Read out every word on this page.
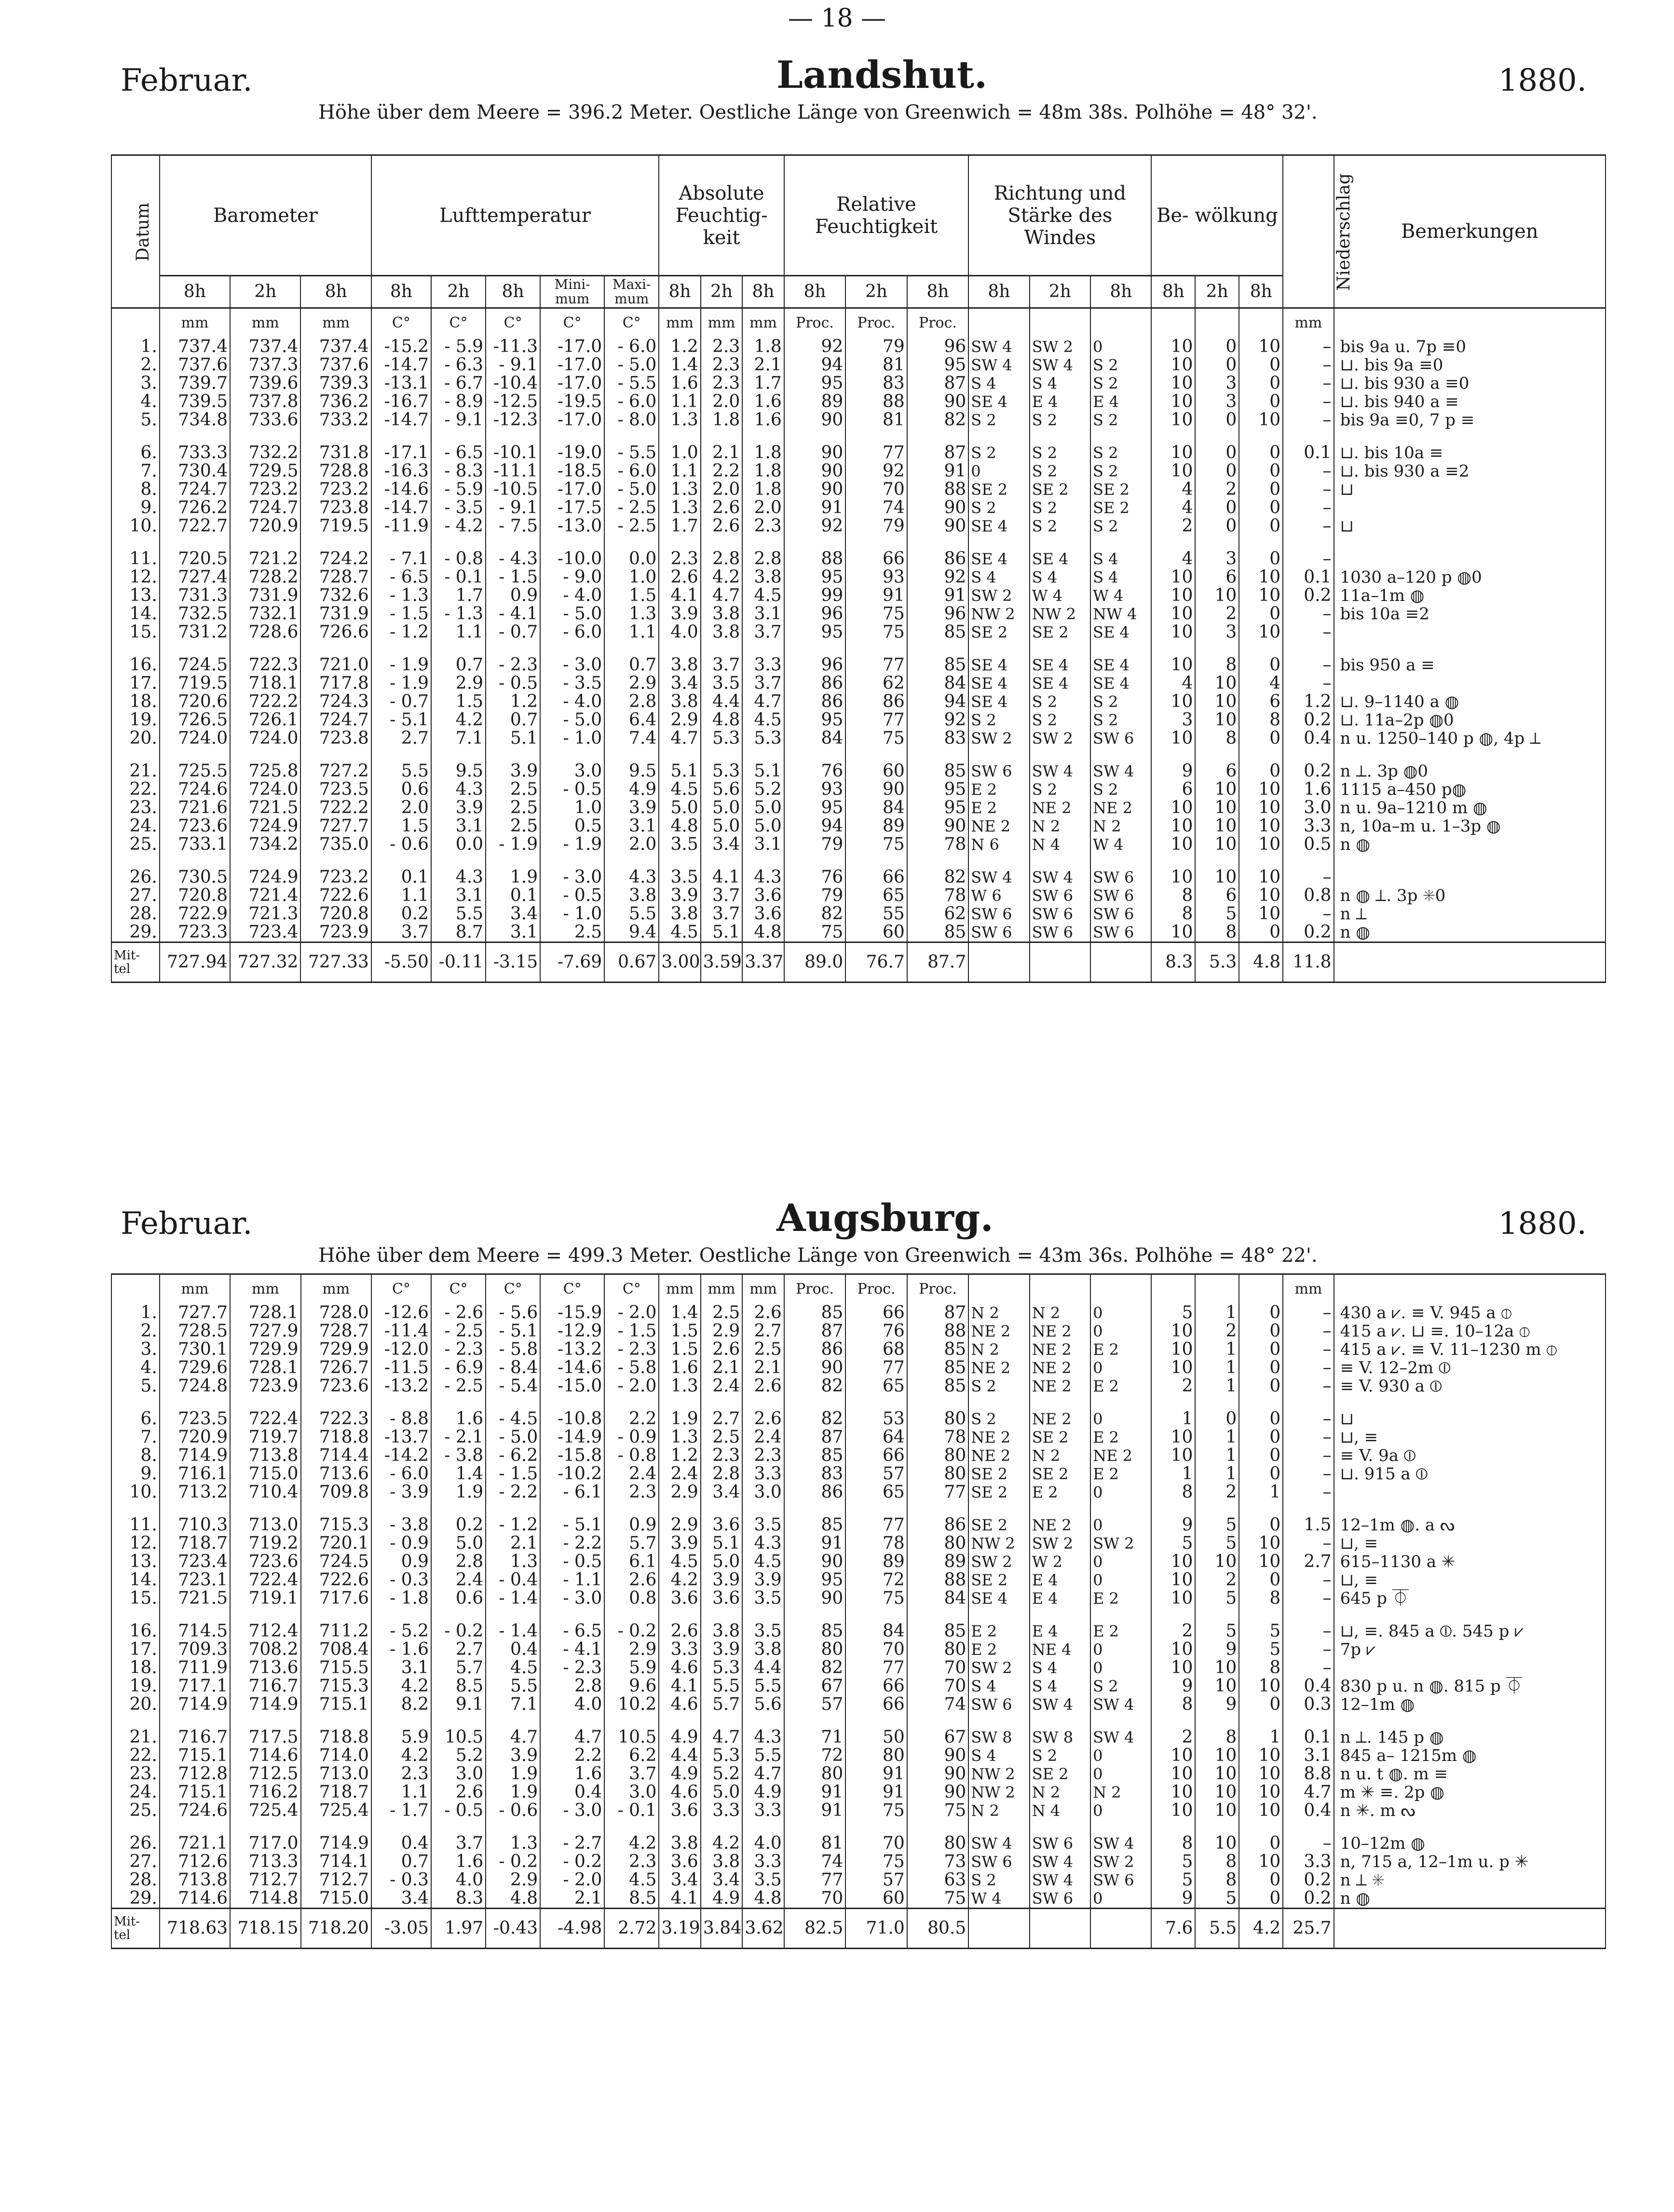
— 18 —
Februar.	Landshut.	1880.
Höhe über dem Meere = 396.2 Meter. Oestliche Länge von Greenwich = 48m 38s. Polhöhe = 48° 32'.
Datum	Barometer			Lufttemperatur					Absolute Feuchtig- keit			Relative Feuchtigkeit			Richtung und Stärke des Windes			Be- wölkung			Niederschlag	Bemerkungen
	8h	2h	8h	8h	2h	8h	Mini- mum	Maxi- mum	8h	2h	8h	8h	2h	8h	8h	2h	8h	8h	2h	8h		
	mm	mm	mm	C°	C°	C°	C°	C°	mm	mm	mm	Proc.	Proc.	Proc.							mm	
1.	737.4	737.4	737.4	-15.2	- 5.9	-11.3	-17.0	- 6.0	1.2	2.3	1.8	92	79	96	SW 4	SW 2	0	10	0	10	–	bis 9a u. 7p ≡0
2.	737.6	737.3	737.6	-14.7	- 6.3	- 9.1	-17.0	- 5.0	1.4	2.3	2.1	94	81	95	SW 4	SW 4	S 2	10	0	0	–	⊔. bis 9a ≡0
3.	739.7	739.6	739.3	-13.1	- 6.7	-10.4	-17.0	- 5.5	1.6	2.3	1.7	95	83	87	S 4	S 4	S 2	10	3	0	–	⊔. bis 930 a ≡0
4.	739.5	737.8	736.2	-16.7	- 8.9	-12.5	-19.5	- 6.0	1.1	2.0	1.6	89	88	90	SE 4	E 4	E 4	10	3	0	–	⊔. bis 940 a ≡
5.	734.8	733.6	733.2	-14.7	- 9.1	-12.3	-17.0	- 8.0	1.3	1.8	1.6	90	81	82	S 2	S 2	S 2	10	0	10	–	bis 9a ≡0, 7 p ≡

6.	733.3	732.2	731.8	-17.1	- 6.5	-10.1	-19.0	- 5.5	1.0	2.1	1.8	90	77	87	S 2	S 2	S 2	10	0	0	0.1	⊔. bis 10a ≡
7.	730.4	729.5	728.8	-16.3	- 8.3	-11.1	-18.5	- 6.0	1.1	2.2	1.8	90	92	91	0	S 2	S 2	10	0	0	–	⊔. bis 930 a ≡2
8.	724.7	723.2	723.2	-14.6	- 5.9	-10.5	-17.0	- 5.0	1.3	2.0	1.8	90	70	88	SE 2	SE 2	SE 2	4	2	0	–	⊔
9.	726.2	724.7	723.8	-14.7	- 3.5	- 9.1	-17.5	- 2.5	1.3	2.6	2.0	91	74	90	S 2	S 2	SE 2	4	0	0	–	
10.	722.7	720.9	719.5	-11.9	- 4.2	- 7.5	-13.0	- 2.5	1.7	2.6	2.3	92	79	90	SE 4	S 2	S 2	2	0	0	–	⊔

11.	720.5	721.2	724.2	- 7.1	- 0.8	- 4.3	-10.0	0.0	2.3	2.8	2.8	88	66	86	SE 4	SE 4	S 4	4	3	0	–	
12.	727.4	728.2	728.7	- 6.5	- 0.1	- 1.5	- 9.0	1.0	2.6	4.2	3.8	95	93	92	S 4	S 4	S 4	10	6	10	0.1	1030 a–120 p ◍0
13.	731.3	731.9	732.6	- 1.3	1.7	0.9	- 4.0	1.5	4.1	4.7	4.5	99	91	91	SW 2	W 4	W 4	10	10	10	0.2	11a–1m ◍
14.	732.5	732.1	731.9	- 1.5	- 1.3	- 4.1	- 5.0	1.3	3.9	3.8	3.1	96	75	96	NW 2	NW 2	NW 4	10	2	0	–	bis 10a ≡2
15.	731.2	728.6	726.6	- 1.2	1.1	- 0.7	- 6.0	1.1	4.0	3.8	3.7	95	75	85	SE 2	SE 2	SE 4	10	3	10	–	

16.	724.5	722.3	721.0	- 1.9	0.7	- 2.3	- 3.0	0.7	3.8	3.7	3.3	96	77	85	SE 4	SE 4	SE 4	10	8	0	–	bis 950 a ≡
17.	719.5	718.1	717.8	- 1.9	2.9	- 0.5	- 3.5	2.9	3.4	3.5	3.7	86	62	84	SE 4	SE 4	SE 4	4	10	4	–	
18.	720.6	722.2	724.3	- 0.7	1.5	1.2	- 4.0	2.8	3.8	4.4	4.7	86	86	94	SE 4	S 2	S 2	10	10	6	1.2	⊔. 9–1140 a ◍
19.	726.5	726.1	724.7	- 5.1	4.2	0.7	- 5.0	6.4	2.9	4.8	4.5	95	77	92	S 2	S 2	S 2	3	10	8	0.2	⊔. 11a–2p ◍0
20.	724.0	724.0	723.8	2.7	7.1	5.1	- 1.0	7.4	4.7	5.3	5.3	84	75	83	SW 2	SW 2	SW 6	10	8	0	0.4	n u. 1250–140 p ◍, 4p ⟂

21.	725.5	725.8	727.2	5.5	9.5	3.9	3.0	9.5	5.1	5.3	5.1	76	60	85	SW 6	SW 4	SW 4	9	6	0	0.2	n ⟂. 3p ◍0
22.	724.6	724.0	723.5	0.6	4.3	2.5	- 0.5	4.9	4.5	5.6	5.2	93	90	95	E 2	S 2	S 2	6	10	10	1.6	1115 a–450 p◍
23.	721.6	721.5	722.2	2.0	3.9	2.5	1.0	3.9	5.0	5.0	5.0	95	84	95	E 2	NE 2	NE 2	10	10	10	3.0	n u. 9a–1210 m ◍
24.	723.6	724.9	727.7	1.5	3.1	2.5	0.5	3.1	4.8	5.0	5.0	94	89	90	NE 2	N 2	N 2	10	10	10	3.3	n, 10a–m u. 1–3p ◍
25.	733.1	734.2	735.0	- 0.6	0.0	- 1.9	- 1.9	2.0	3.5	3.4	3.1	79	75	78	N 6	N 4	W 4	10	10	10	0.5	n ◍

26.	730.5	724.9	723.2	0.1	4.3	1.9	- 3.0	4.3	3.5	4.1	4.3	76	66	82	SW 4	SW 4	SW 6	10	10	10	–	
27.	720.8	721.4	722.6	1.1	3.1	0.1	- 0.5	3.8	3.9	3.7	3.6	79	65	78	W 6	SW 6	SW 6	8	6	10	0.8	n ◍ ⟂. 3p ✳0
28.	722.9	721.3	720.8	0.2	5.5	3.4	- 1.0	5.5	3.8	3.7	3.6	82	55	62	SW 6	SW 6	SW 6	8	5	10	–	n ⟂
29.	723.3	723.4	723.9	3.7	8.7	3.1	2.5	9.4	4.5	5.1	4.8	75	60	85	SW 6	SW 6	SW 6	10	8	0	0.2	n ◍
Mit- tel	727.94	727.32	727.33	-5.50	-0.11	-3.15	-7.69	0.67	3.00	3.59	3.37	89.0	76.7	87.7				8.3	5.3	4.8	11.8	
Februar.	Augsburg.	1880.
Höhe über dem Meere = 499.3 Meter. Oestliche Länge von Greenwich = 43m 36s. Polhöhe = 48° 22'.
	mm	mm	mm	C°	C°	C°	C°	C°	mm	mm	mm	Proc.	Proc.	Proc.							mm	
1.	727.7	728.1	728.0	-12.6	- 2.6	- 5.6	-15.9	- 2.0	1.4	2.5	2.6	85	66	87	N 2	N 2	0	5	1	0	–	430 a ⩗. ≡ V. 945 a ⦶
2.	728.5	727.9	728.7	-11.4	- 2.5	- 5.1	-12.9	- 1.5	1.5	2.9	2.7	87	76	88	NE 2	NE 2	0	10	2	0	–	415 a ⩗. ⊔ ≡. 10–12a ⦶
3.	730.1	729.9	729.9	-12.0	- 2.3	- 5.8	-13.2	- 2.3	1.5	2.6	2.5	86	68	85	N 2	NE 2	E 2	10	1	0	–	415 a ⩗. ≡ V. 11–1230 m ⦶
4.	729.6	728.1	726.7	-11.5	- 6.9	- 8.4	-14.6	- 5.8	1.6	2.1	2.1	90	77	85	NE 2	NE 2	0	10	1	0	–	≡ V. 12–2m ⦶
5.	724.8	723.9	723.6	-13.2	- 2.5	- 5.4	-15.0	- 2.0	1.3	2.4	2.6	82	65	85	S 2	NE 2	E 2	2	1	0	–	≡ V. 930 a ⦶

6.	723.5	722.4	722.3	- 8.8	1.6	- 4.5	-10.8	2.2	1.9	2.7	2.6	82	53	80	S 2	NE 2	0	1	0	0	–	⊔
7.	720.9	719.7	718.8	-13.7	- 2.1	- 5.0	-14.9	- 0.9	1.3	2.5	2.4	87	64	78	NE 2	SE 2	E 2	10	1	0	–	⊔, ≡
8.	714.9	713.8	714.4	-14.2	- 3.8	- 6.2	-15.8	- 0.8	1.2	2.3	2.3	85	66	80	NE 2	N 2	NE 2	10	1	0	–	≡ V. 9a ⦶
9.	716.1	715.0	713.6	- 6.0	1.4	- 1.5	-10.2	2.4	2.4	2.8	3.3	83	57	80	SE 2	SE 2	E 2	1	1	0	–	⊔. 915 a ⦶
10.	713.2	710.4	709.8	- 3.9	1.9	- 2.2	- 6.1	2.3	2.9	3.4	3.0	86	65	77	SE 2	E 2	0	8	2	1	–	

11.	710.3	713.0	715.3	- 3.8	0.2	- 1.2	- 5.1	0.9	2.9	3.6	3.5	85	77	86	SE 2	NE 2	0	9	5	0	1.5	12–1m ◍. a ᔓ
12.	718.7	719.2	720.1	- 0.9	5.0	2.1	- 2.2	5.7	3.9	5.1	4.3	91	78	80	NW 2	SW 2	SW 2	5	5	10	–	⊔, ≡
13.	723.4	723.6	724.5	0.9	2.8	1.3	- 0.5	6.1	4.5	5.0	4.5	90	89	89	SW 2	W 2	0	10	10	10	2.7	615–1130 a ✳
14.	723.1	722.4	722.6	- 0.3	2.4	- 0.4	- 1.1	2.6	4.2	3.9	3.9	95	72	88	SE 2	E 4	0	10	2	0	–	⊔, ≡
15.	721.5	719.1	717.6	- 1.8	0.6	- 1.4	- 3.0	0.8	3.6	3.6	3.5	90	75	84	SE 4	E 4	E 2	10	5	8	–	645 p ⏁

16.	714.5	712.4	711.2	- 5.2	- 0.2	- 1.4	- 6.5	- 0.2	2.6	3.8	3.5	85	84	85	E 2	E 4	E 2	2	5	5	–	⊔, ≡. 845 a ⦶. 545 p ⩗
17.	709.3	708.2	708.4	- 1.6	2.7	0.4	- 4.1	2.9	3.3	3.9	3.8	80	70	80	E 2	NE 4	0	10	9	5	–	7p ⩗
18.	711.9	713.6	715.5	3.1	5.7	4.5	- 2.3	5.9	4.6	5.3	4.4	82	77	70	SW 2	S 4	0	10	10	8	–	
19.	717.1	716.7	715.3	4.2	8.5	5.5	2.8	9.6	4.1	5.5	5.5	67	66	70	S 4	S 4	S 2	9	10	10	0.4	830 p u. n ◍. 815 p ⏁
20.	714.9	714.9	715.1	8.2	9.1	7.1	4.0	10.2	4.6	5.7	5.6	57	66	74	SW 6	SW 4	SW 4	8	9	0	0.3	12–1m ◍

21.	716.7	717.5	718.8	5.9	10.5	4.7	4.7	10.5	4.9	4.7	4.3	71	50	67	SW 8	SW 8	SW 4	2	8	1	0.1	n ⟂. 145 p ◍
22.	715.1	714.6	714.0	4.2	5.2	3.9	2.2	6.2	4.4	5.3	5.5	72	80	90	S 4	S 2	0	10	10	10	3.1	845 a– 1215m ◍
23.	712.8	712.5	713.0	2.3	3.0	1.9	1.6	3.7	4.9	5.2	4.7	80	91	90	NW 2	SE 2	0	10	10	10	8.8	n u. t ◍. m ≡
24.	715.1	716.2	718.7	1.1	2.6	1.9	0.4	3.0	4.6	5.0	4.9	91	91	90	NW 2	N 2	N 2	10	10	10	4.7	m ✳ ≡. 2p ◍
25.	724.6	725.4	725.4	- 1.7	- 0.5	- 0.6	- 3.0	- 0.1	3.6	3.3	3.3	91	75	75	N 2	N 4	0	10	10	10	0.4	n ✳. m ᔓ

26.	721.1	717.0	714.9	0.4	3.7	1.3	- 2.7	4.2	3.8	4.2	4.0	81	70	80	SW 4	SW 6	SW 4	8	10	0	–	10–12m ◍
27.	712.6	713.3	714.1	0.7	1.6	- 0.2	- 0.2	2.3	3.6	3.8	3.3	74	75	73	SW 6	SW 4	SW 2	5	8	10	3.3	n, 715 a, 12–1m u. p ✳
28.	713.8	712.7	712.7	- 0.3	4.0	2.9	- 2.0	4.5	3.4	3.4	3.5	77	57	63	S 2	SW 4	SW 6	5	8	0	0.2	n ⟂ ✳
29.	714.6	714.8	715.0	3.4	8.3	4.8	2.1	8.5	4.1	4.9	4.8	70	60	75	W 4	SW 6	0	9	5	0	0.2	n ◍
Mit- tel	718.63	718.15	718.20	-3.05	1.97	-0.43	-4.98	2.72	3.19	3.84	3.62	82.5	71.0	80.5				7.6	5.5	4.2	25.7	
